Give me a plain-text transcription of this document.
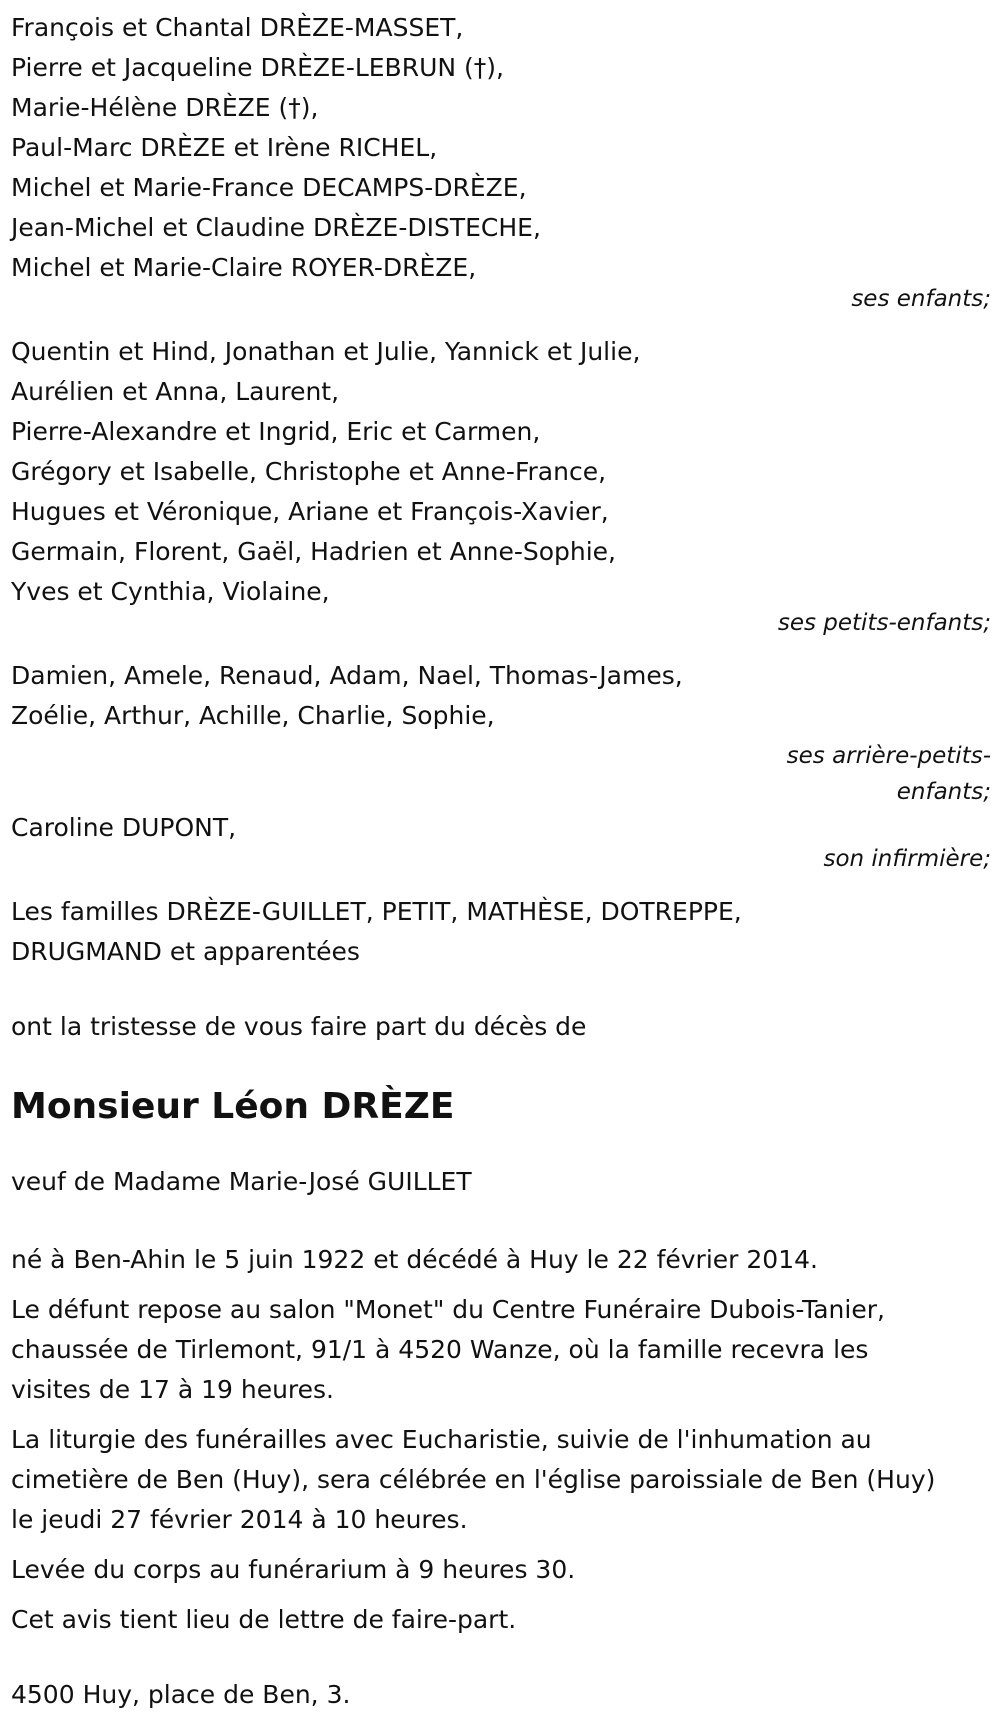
François et Chantal DRÈZE-MASSET,
Pierre et Jacqueline DRÈZE-LEBRUN (†),
Marie-Hélène DRÈZE (†),
Paul-Marc DRÈZE et Irène RICHEL,
Michel et Marie-France DECAMPS-DRÈZE,
Jean-Michel et Claudine DRÈZE-DISTECHE,
Michel et Marie-Claire ROYER-DRÈZE,
ses enfants;
Quentin et Hind, Jonathan et Julie, Yannick et Julie,
Aurélien et Anna, Laurent,
Pierre-Alexandre et Ingrid, Eric et Carmen,
Grégory et Isabelle, Christophe et Anne-France,
Hugues et Véronique, Ariane et François-Xavier,
Germain, Florent, Gaël, Hadrien et Anne-Sophie,
Yves et Cynthia, Violaine,
ses petits-enfants;
Damien, Amele, Renaud, Adam, Nael, Thomas-James,
Zoélie, Arthur, Achille, Charlie, Sophie,
ses arrière-petits-
enfants;
Caroline DUPONT,
son infirmière;
Les familles DRÈZE-GUILLET, PETIT, MATHÈSE, DOTREPPE,
DRUGMAND et apparentées
ont la tristesse de vous faire part du décès de
Monsieur Léon DRÈZE
veuf de Madame Marie-José GUILLET
né à Ben-Ahin le 5 juin 1922 et décédé à Huy le 22 février 2014.
Le défunt repose au salon "Monet" du Centre Funéraire Dubois-Tanier,
chaussée de Tirlemont, 91/1 à 4520 Wanze, où la famille recevra les
visites de 17 à 19 heures.
La liturgie des funérailles avec Eucharistie, suivie de l'inhumation au
cimetière de Ben (Huy), sera célébrée en l'église paroissiale de Ben (Huy)
le jeudi 27 février 2014 à 10 heures.
Levée du corps au funérarium à 9 heures 30.
Cet avis tient lieu de lettre de faire-part.
4500 Huy, place de Ben, 3.
